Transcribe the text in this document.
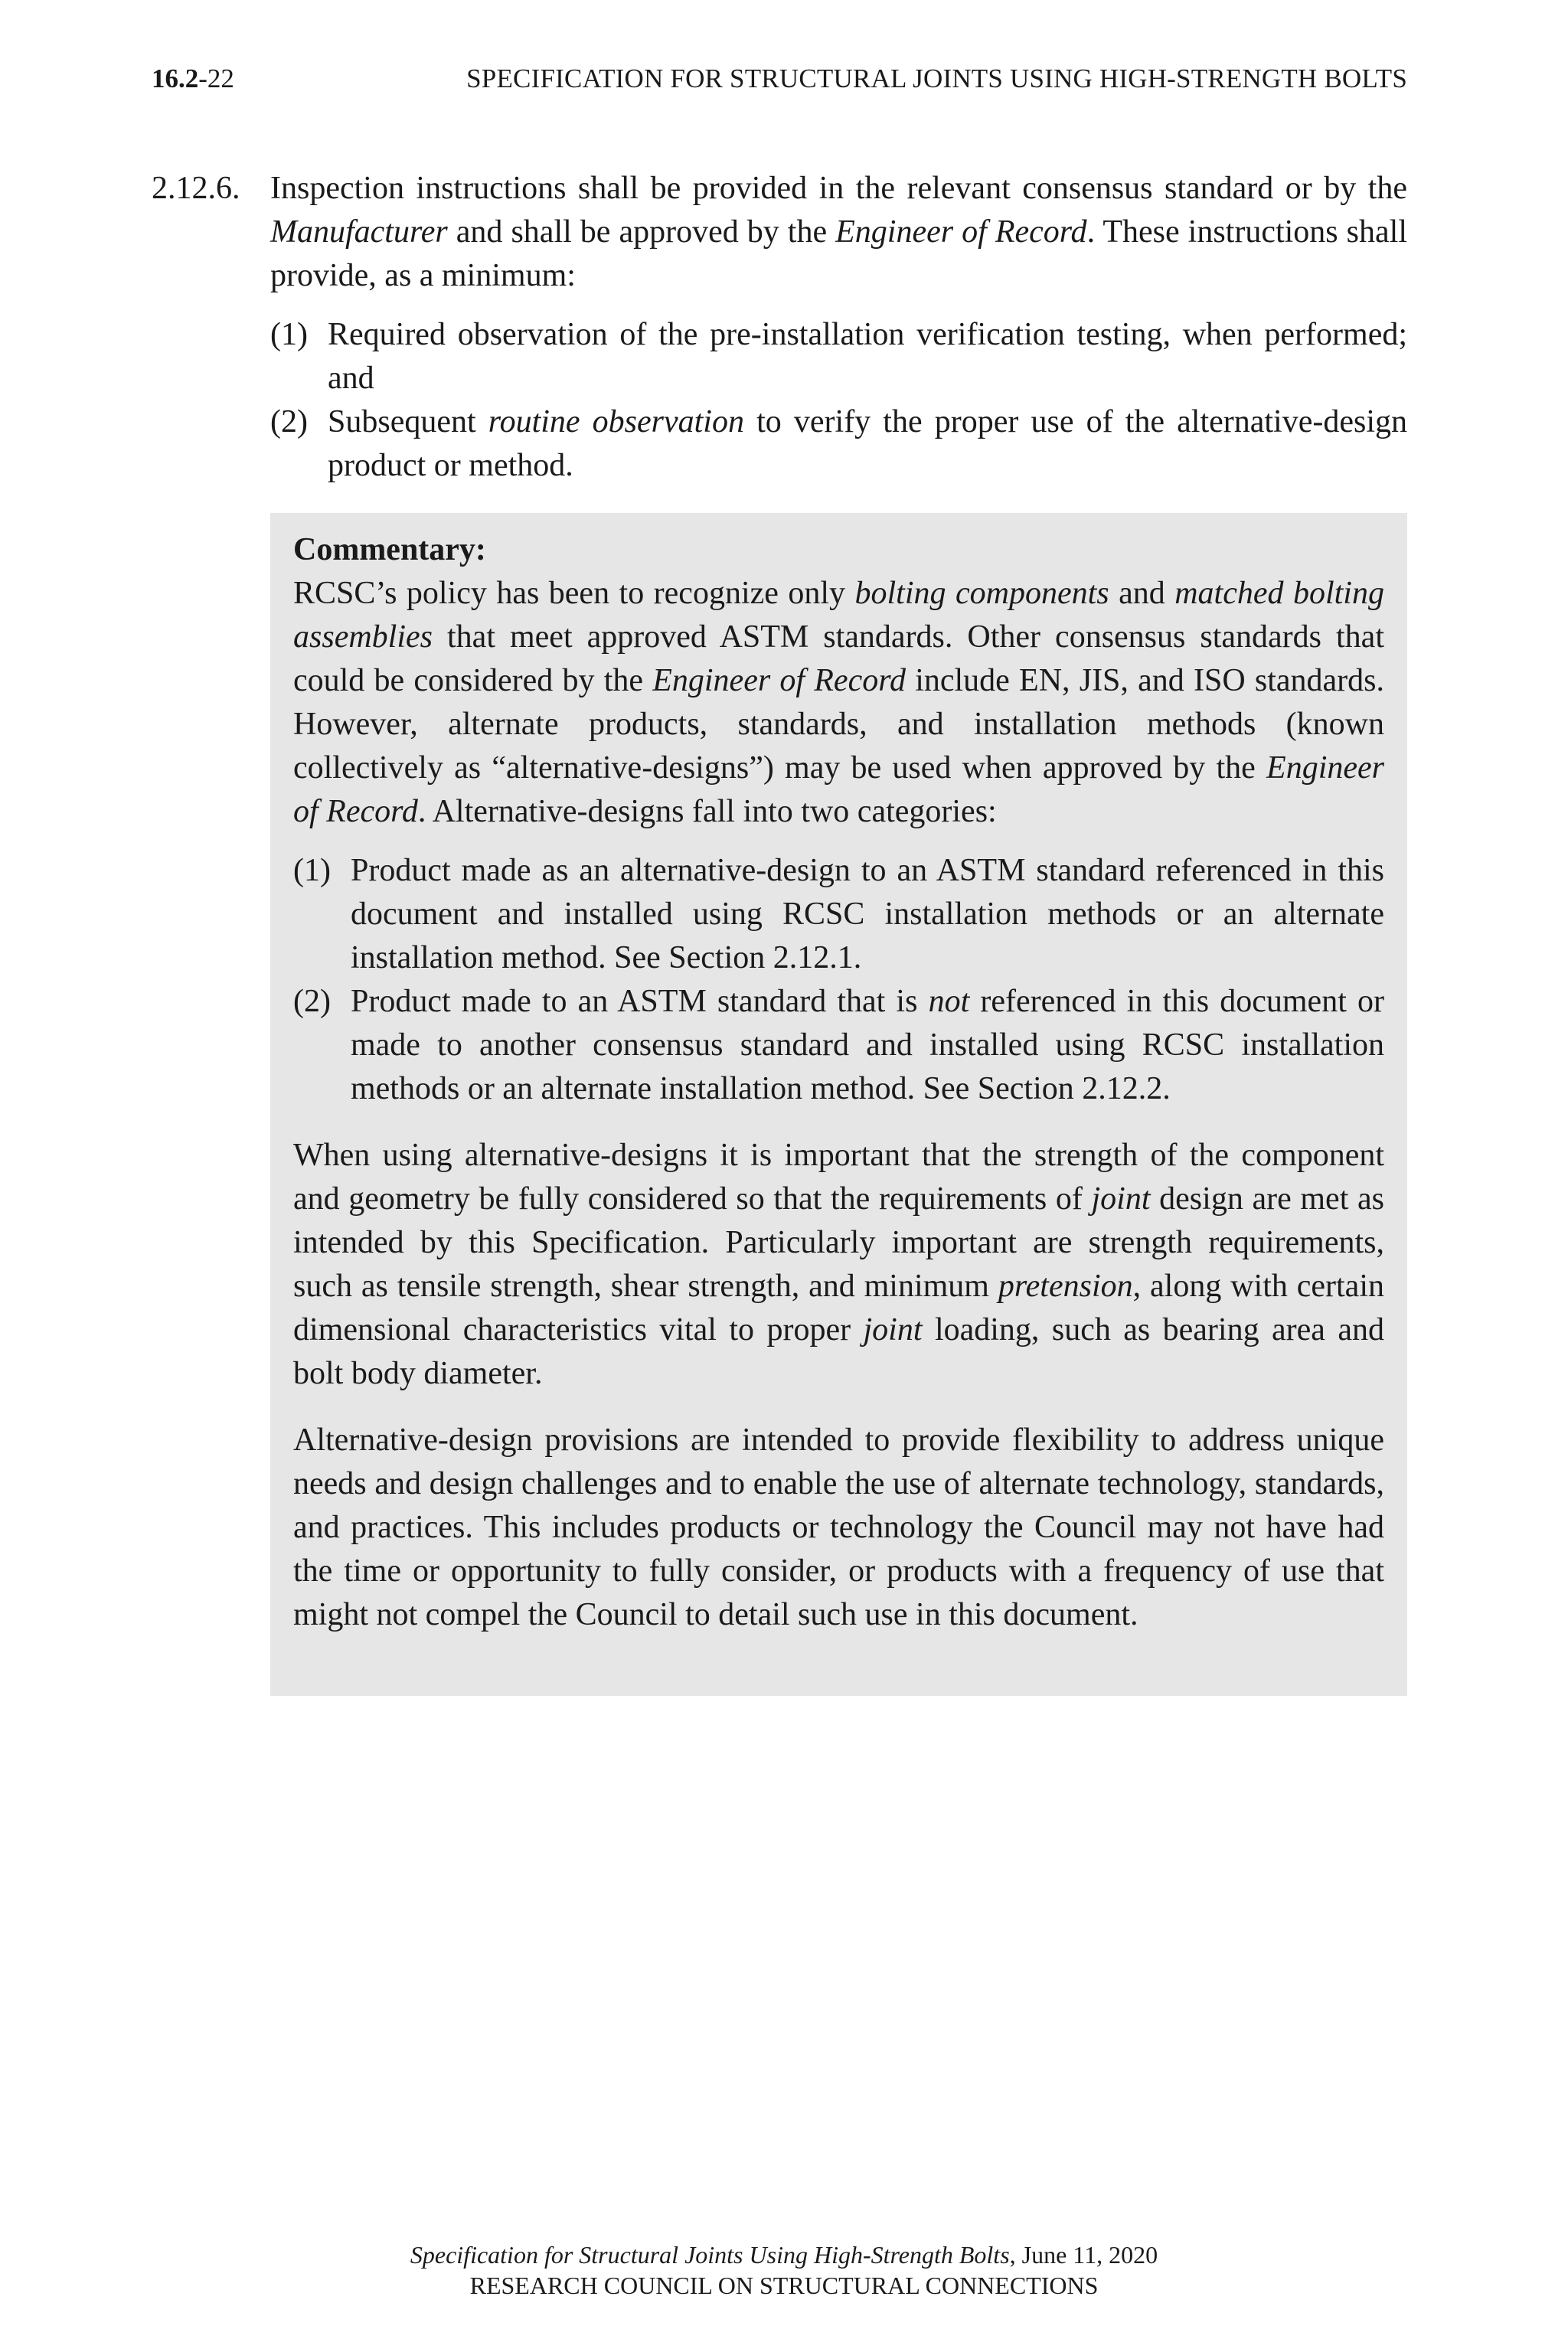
16.2-22	SPECIFICATION FOR STRUCTURAL JOINTS USING HIGH-STRENGTH BOLTS
2.12.6. Inspection instructions shall be provided in the relevant consensus standard or by the Manufacturer and shall be approved by the Engineer of Record. These instructions shall provide, as a minimum:

(1) Required observation of the pre-installation verification testing, when performed; and
(2) Subsequent routine observation to verify the proper use of the alternative-design product or method.

Commentary:

RCSC’s policy has been to recognize only bolting components and matched bolting assemblies that meet approved ASTM standards. Other consensus standards that could be considered by the Engineer of Record include EN, JIS, and ISO standards. However, alternate products, standards, and installation methods (known collectively as “alternative-designs”) may be used when approved by the Engineer of Record. Alternative-designs fall into two categories:

(1) Product made as an alternative-design to an ASTM standard referenced in this document and installed using RCSC installation methods or an alternate installation method. See Section 2.12.1.
(2) Product made to an ASTM standard that is not referenced in this document or made to another consensus standard and installed using RCSC installation methods or an alternate installation method. See Section 2.12.2.

When using alternative-designs it is important that the strength of the component and geometry be fully considered so that the requirements of joint design are met as intended by this Specification. Particularly important are strength requirements, such as tensile strength, shear strength, and minimum pretension, along with certain dimensional characteristics vital to proper joint loading, such as bearing area and bolt body diameter.

Alternative-design provisions are intended to provide flexibility to address unique needs and design challenges and to enable the use of alternate technology, standards, and practices. This includes products or technology the Council may not have had the time or opportunity to fully consider, or products with a frequency of use that might not compel the Council to detail such use in this document.

Specification for Structural Joints Using High-Strength Bolts, June 11, 2020
RESEARCH COUNCIL ON STRUCTURAL CONNECTIONS
